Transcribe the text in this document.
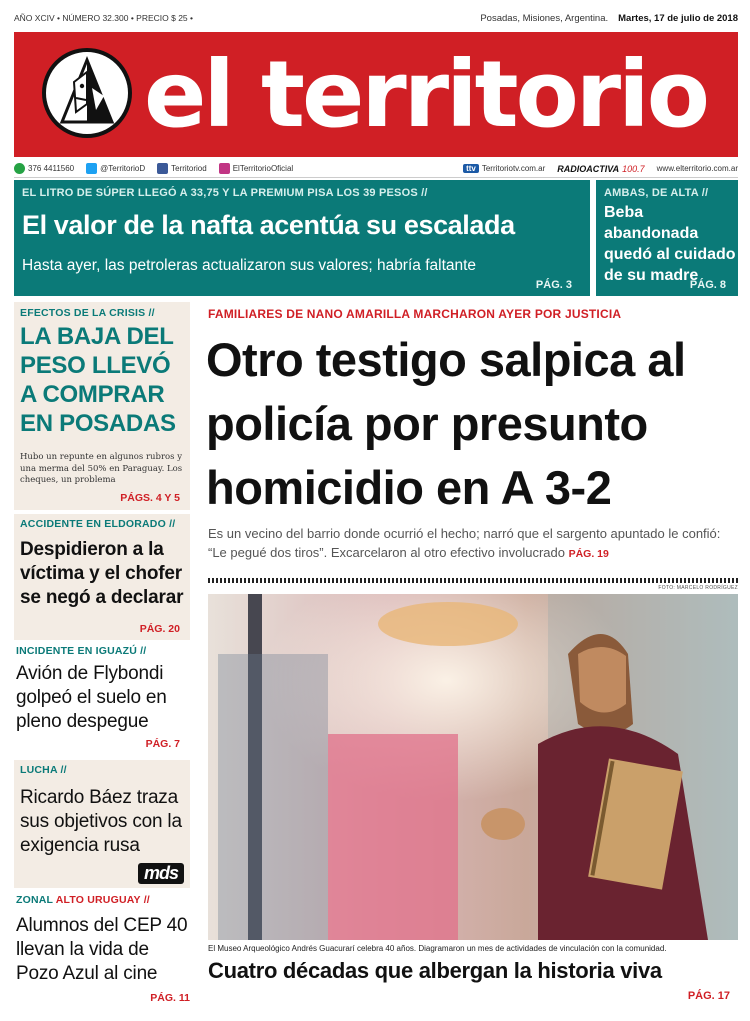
AÑO XCIV • NÚMERO 32.300 • PRECIO $ 25 •	Posadas, Misiones, Argentina. Martes, 17 de julio de 2018
el territorio
376 4411560	@TerritorioD	Territoriod	ElTerritorioOficial	ttv Territoriotv.com.ar RADIOACTIVA 100.7 www.elterritorio.com.ar
EL LITRO DE SÚPER LLEGÓ A 33,75 Y LA PREMIUM PISA LOS 39 PESOS //
El valor de la nafta acentúa su escalada
Hasta ayer, las petroleras actualizaron sus valores; habría faltante
PÁG. 3
AMBAS, DE ALTA //
Beba abandonada quedó al cuidado de su madre
PÁG. 8
EFECTOS DE LA CRISIS //
LA BAJA DEL PESO LLEVÓ A COMPRAR EN POSADAS
Hubo un repunte en algunos rubros y una merma del 50% en Paraguay. Los cheques, un problema
PÁGS. 4 Y 5
ACCIDENTE EN ELDORADO //
Despidieron a la víctima y el chofer se negó a declarar
PÁG. 20
INCIDENTE EN IGUAZÚ //
Avión de Flybondi golpeó el suelo en pleno despegue
PÁG. 7
LUCHA //
Ricardo Báez traza sus objetivos con la exigencia rusa
mds
ZONAL ALTO URUGUAY //
Alumnos del CEP 40 llevan la vida de Pozo Azul al cine
PÁG. 11
FAMILIARES DE NANO AMARILLA MARCHARON AYER POR JUSTICIA
Otro testigo salpica al policía por presunto homicidio en A 3-2
Es un vecino del barrio donde ocurrió el hecho; narró que el sargento apuntado le confió: “Le pegué dos tiros”. Excarcelaron al otro efectivo involucrado PÁG. 19
FOTO: MARCELO RODRÍGUEZ
El Museo Arqueológico Andrés Guacurarí celebra 40 años. Diagramaron un mes de actividades de vinculación con la comunidad.
Cuatro décadas que albergan la historia viva
PÁG. 17
